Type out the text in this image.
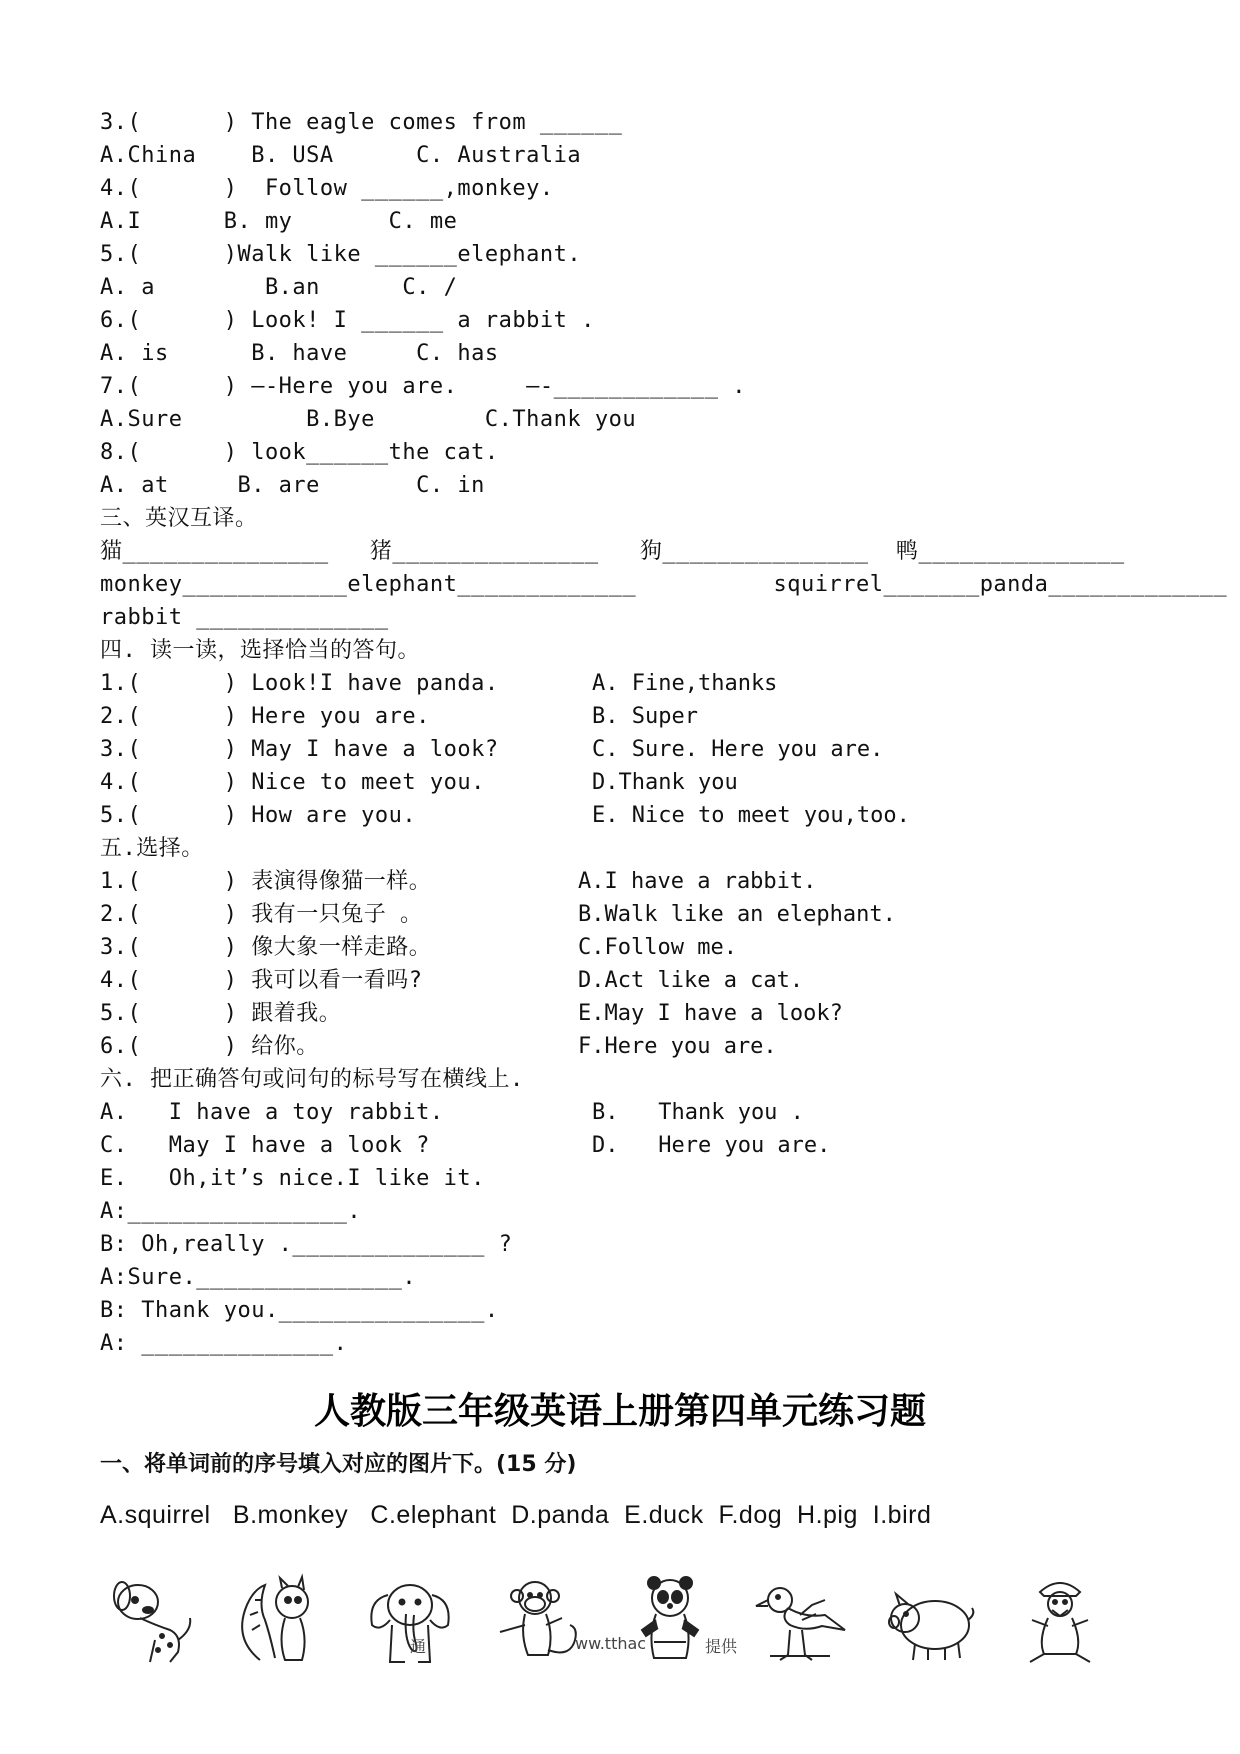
3.(      ) The eagle comes from ______
A.China    B. USA      C. Australia
4.(      )  Follow ______,monkey.
A.I      B. my       C. me
5.(      )Walk like ______elephant.
A. a        B.an      C. /
6.(      ) Look! I ______ a rabbit .
A. is      B. have     C. has
7.(      ) —-Here you are.     —-____________ .
A.Sure         B.Bye        C.Thank you
8.(      ) look______the cat.
A. at     B. are       C. in
三、英汉互译。
猫_______________   猪_______________   狗_______________  鸭_______________
monkey____________elephant_____________          squirrel_______panda_____________
rabbit ______________
四. 读一读，选择恰当的答句。
1.(      ) Look!I have panda.	A. Fine,thanks
2.(      ) Here you are.	B. Super
3.(      ) May I have a look?	C. Sure. Here you are.
4.(      ) Nice to meet you.	D.Thank you
5.(      ) How are you.	E. Nice to meet you,too.
五.选择。
1.(      ) 表演得像猫一样。	A.I have a rabbit.
2.(      ) 我有一只兔子 。	B.Walk like an elephant.
3.(      ) 像大象一样走路。	C.Follow me.
4.(      ) 我可以看一看吗?	D.Act like a cat.
5.(      ) 跟着我。	E.May I have a look?
6.(      ) 给你。	F.Here you are.
六. 把正确答句或问句的标号写在横线上.
A.   I have a toy rabbit.	B.   Thank you .
C.   May I have a look ?	D.   Here you are.
E.   Oh,it’s nice.I like it.
A:________________.
B: Oh,really .______________ ?
A:Sure._______________.
B: Thank you._______________.
A: ______________.
人教版三年级英语上册第四单元练习题
一、将单词前的序号填入对应的图片下。(15 分)
A.squirrel   B.monkey   C.elephant  D.panda  E.duck  F.dog  H.pig  I.bird
通	ww.tthac	提供
